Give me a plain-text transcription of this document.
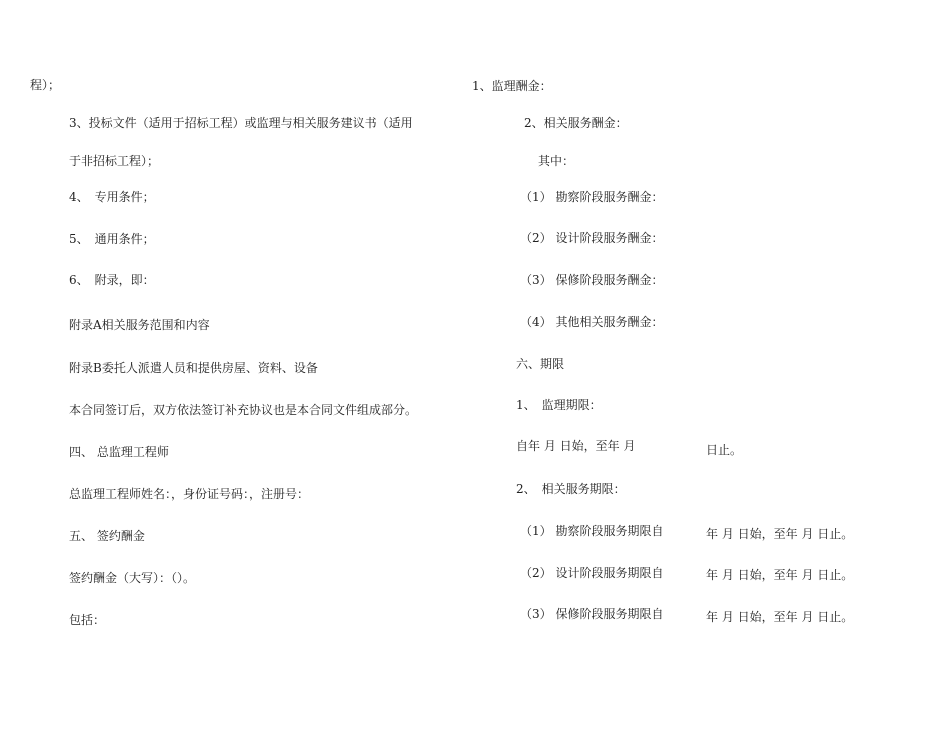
程）；
3、投标文件（适用于招标工程）或监理与相关服务建议书（适用
于非招标工程）；
4、　专用条件；
5、　通用条件；
6、　附录，即：
附录A相关服务范围和内容
附录B委托人派遣人员和提供房屋、资料、设备
本合同签订后，双方依法签订补充协议也是本合同文件组成部分。
四、 总监理工程师
总监理工程师姓名：，身份证号码：，注册号：
五、 签约酬金
签约酬金（大写）：（）。
包括：
1、监理酬金：
2、相关服务酬金：
其中：
（1） 勘察阶段服务酬金：
（2） 设计阶段服务酬金：
（3） 保修阶段服务酬金：
（4） 其他相关服务酬金：
六、期限
1、　监理期限：
自年 月 日始，至年 月	日止。
2、　相关服务期限：
（1） 勘察阶段服务期限自	年 月 日始，至年 月 日止。
（2） 设计阶段服务期限自	年 月 日始，至年 月 日止。
（3） 保修阶段服务期限自	年 月 日始，至年 月 日止。
